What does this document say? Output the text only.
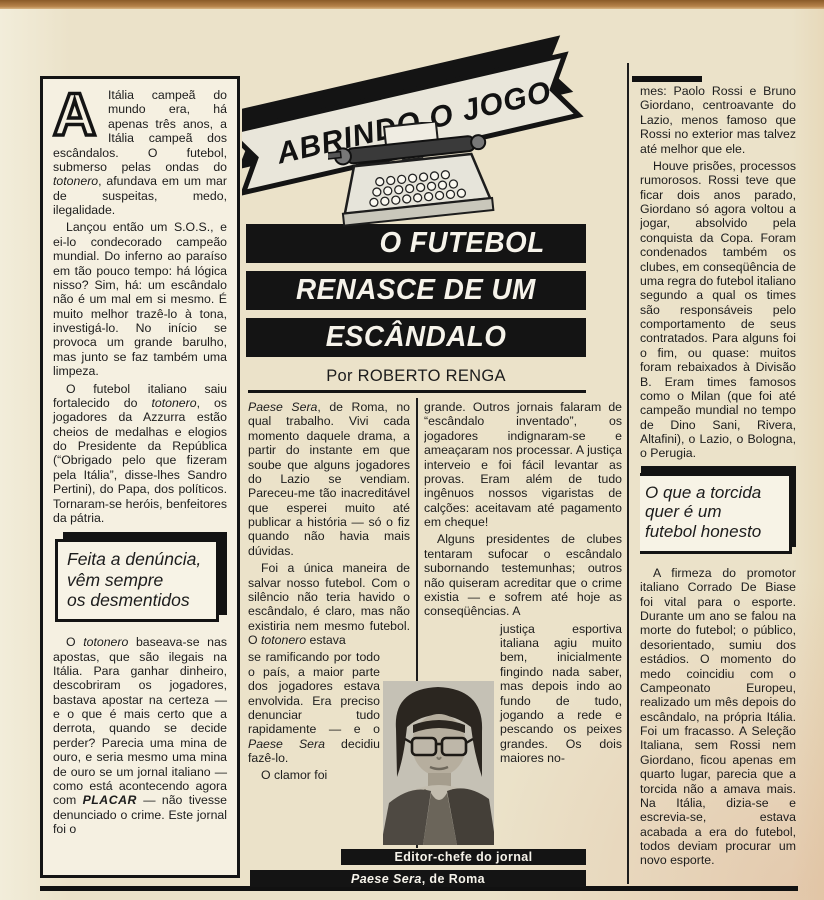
A Itália campeã do mundo era, há apenas três anos, a Itália campeã dos escândalos. O futebol, submerso pelas ondas do totonero, afundava em um mar de suspeitas, medo, ilegalidade.

Lançou então um S.O.S., e ei-lo condecorado campeão mundial. Do inferno ao paraíso em tão pouco tempo: há lógica nisso? Sim, há: um escândalo não é um mal em si mesmo. É muito melhor trazê-lo à tona, investigá-lo. No início se provoca um grande barulho, mas junto se faz também uma limpeza.

O futebol italiano saiu fortalecido do totonero, os jogadores da Azzurra estão cheios de medalhas e elogios do Presidente da República (“Obrigado pelo que fizeram pela Itália”, disse-lhes Sandro Pertini), do Papa, dos políticos. Tornaram-se heróis, benfeitores da pátria.

Feita a denúncia,
vêm sempre
os desmentidos

O totonero baseava-se nas apostas, que são ilegais na Itália. Para ganhar dinheiro, descobriram os jogadores, bastava apostar na certeza — e o que é mais certo que a derrota, quando se decide perder? Parecia uma mina de ouro, e seria mesmo uma mina de ouro se um jornal italiano — como está acontecendo agora com PLACAR — não tivesse denunciado o crime. Este jornal foi o

ABRINDO O JOGO
O FUTEBOL
RENASCE DE UM
ESCÂNDALO
Por ROBERTO RENGA

Paese Sera, de Roma, no qual trabalho. Vivi cada momento daquele drama, a partir do instante em que soube que alguns jogadores do Lazio se vendiam. Pareceu-me tão inacreditável que esperei muito até publicar a história — só o fiz quando não havia mais dúvidas.

Foi a única maneira de salvar nosso futebol. Com o silêncio não teria havido o escândalo, é claro, mas não existiria nem mesmo futebol. O totonero estava

se ramificando por todo o país, a maior parte dos jogadores estava envolvida. Era preciso denunciar tudo rapidamente — e o Paese Sera decidiu fazê-lo.

O clamor foi

grande. Outros jornais falaram de “escândalo inventado”, os jogadores indignaram-se e ameaçaram nos processar. A justiça interveio e foi fácil levantar as provas. Eram além de tudo ingênuos nossos vigaristas de calções: aceitavam até pagamento em cheque!

Alguns presidentes de clubes tentaram sufocar o escândalo subornando testemunhas; outros não quiseram acreditar que o crime existia — e sofrem até hoje as conseqüências. A

justiça esportiva italiana agiu muito bem, inicialmente fingindo nada saber, mas depois indo ao fundo de tudo, jogando a rede e pescando os peixes grandes. Os dois maiores no-

Editor-chefe do jornal
Paese Sera, de Roma

mes: Paolo Rossi e Bruno Giordano, centroavante do Lazio, menos famoso que Rossi no exterior mas talvez até melhor que ele.

Houve prisões, processos rumorosos. Rossi teve que ficar dois anos parado, Giordano só agora voltou a jogar, absolvido pela conquista da Copa. Foram condenados também os clubes, em conseqüência de uma regra do futebol italiano segundo a qual os times são responsáveis pelo comportamento de seus contratados. Para alguns foi o fim, ou quase: muitos foram rebaixados à Divisão B. Eram times famosos como o Milan (que foi até campeão mundial no tempo de Dino Sani, Rivera, Altafini), o Lazio, o Bologna, o Perugia.

O que a torcida
quer é um
futebol honesto

A firmeza do promotor italiano Corrado De Biase foi vital para o esporte. Durante um ano se falou na morte do futebol; o público, desorientado, sumiu dos estádios. O momento do medo coincidiu com o Campeonato Europeu, realizado um mês depois do escândalo, na própria Itália. Foi um fracasso. A Seleção Italiana, sem Rossi nem Giordano, ficou apenas em quarto lugar, parecia que a torcida não a amava mais. Na Itália, dizia-se e escrevia-se, estava acabada a era do futebol, todos deviam procurar um novo esporte.
